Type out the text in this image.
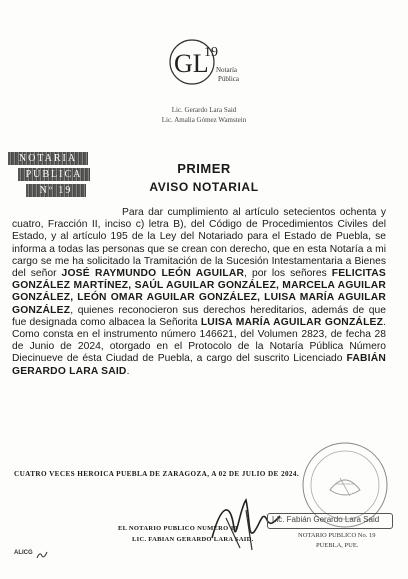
GL
19
Notaría
Pública
Lic. Gerardo Lara Said
Lic. Amalia Gómez Wamstein
NOTARIA
PÚBLICA
Nº 19
PRIMER
AVISO NOTARIAL

Para dar cumplimiento al artículo setecientos ochenta y cuatro, Fracción II, inciso c) letra B), del Código de Procedimientos Civiles del Estado, y al artículo 195 de la Ley del Notariado para el Estado de Puebla, se informa a todas las personas que se crean con derecho, que en esta Notaría a mi cargo se me ha solicitado la Tramitación de la Sucesión Intestamentaria a Bienes del señor JOSÉ RAYMUNDO LEÓN AGUILAR, por los señores FELICITAS GONZÁLEZ MARTÍNEZ, SAÚL AGUILAR GONZÁLEZ, MARCELA AGUILAR GONZÁLEZ, LEÓN OMAR AGUILAR GONZÁLEZ, LUISA MARÍA AGUILAR GONZÁLEZ, quienes reconocieron sus derechos hereditarios, además de que fue designada como albacea la Señorita LUISA MARÍA AGUILAR GONZÁLEZ. Como consta en el instrumento número 146621, del Volumen 2823, de fecha 28 de Junio de 2024, otorgado en el Protocolo de la Notaría Pública Número Diecinueve de ésta Ciudad de Puebla, a cargo del suscrito Licenciado FABIÁN GERARDO LARA SAID.

CUATRO VECES HEROICA PUEBLA DE ZARAGOZA, A 02 DE JULIO DE 2024.
EL NOTARIO PUBLICO NUMERO 19
LIC. FABIAN GERARDO LARA SAID.
Lic. Fabián Gerardo Lara Said
NOTARIO PUBLICO No. 19
PUEBLA, PUE.
ALICG
